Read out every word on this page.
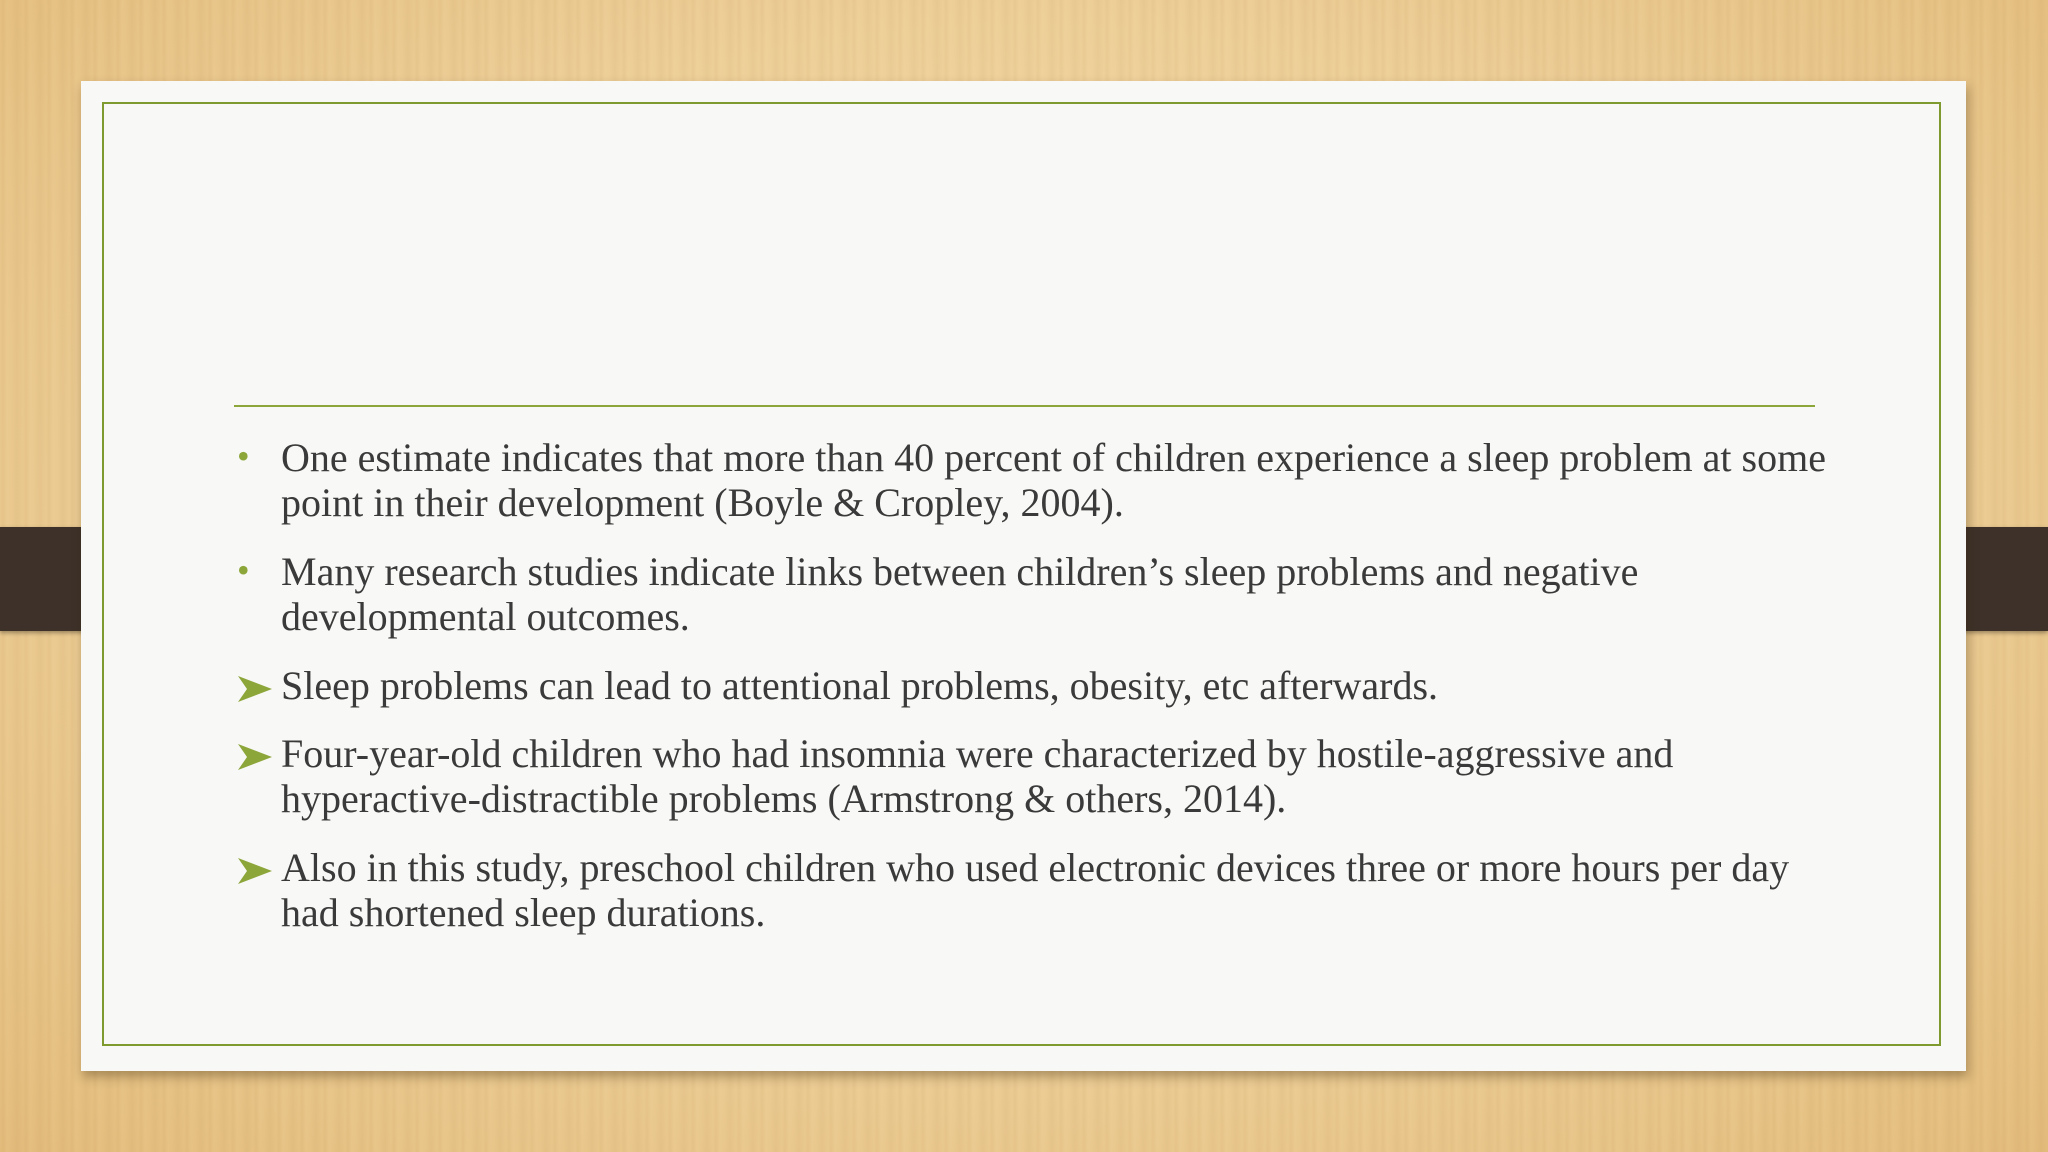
• One estimate indicates that more than 40 percent of children experience a sleep problem at some point in their development (Boyle & Cropley, 2004).
• Many research studies indicate links between children’s sleep problems and negative developmental outcomes.
Sleep problems can lead to attentional problems, obesity, etc afterwards.
Four-year-old children who had insomnia were characterized by hostile-aggressive and hyperactive-distractible problems (Armstrong & others, 2014).
Also in this study, preschool children who used electronic devices three or more hours per day had shortened sleep durations.
